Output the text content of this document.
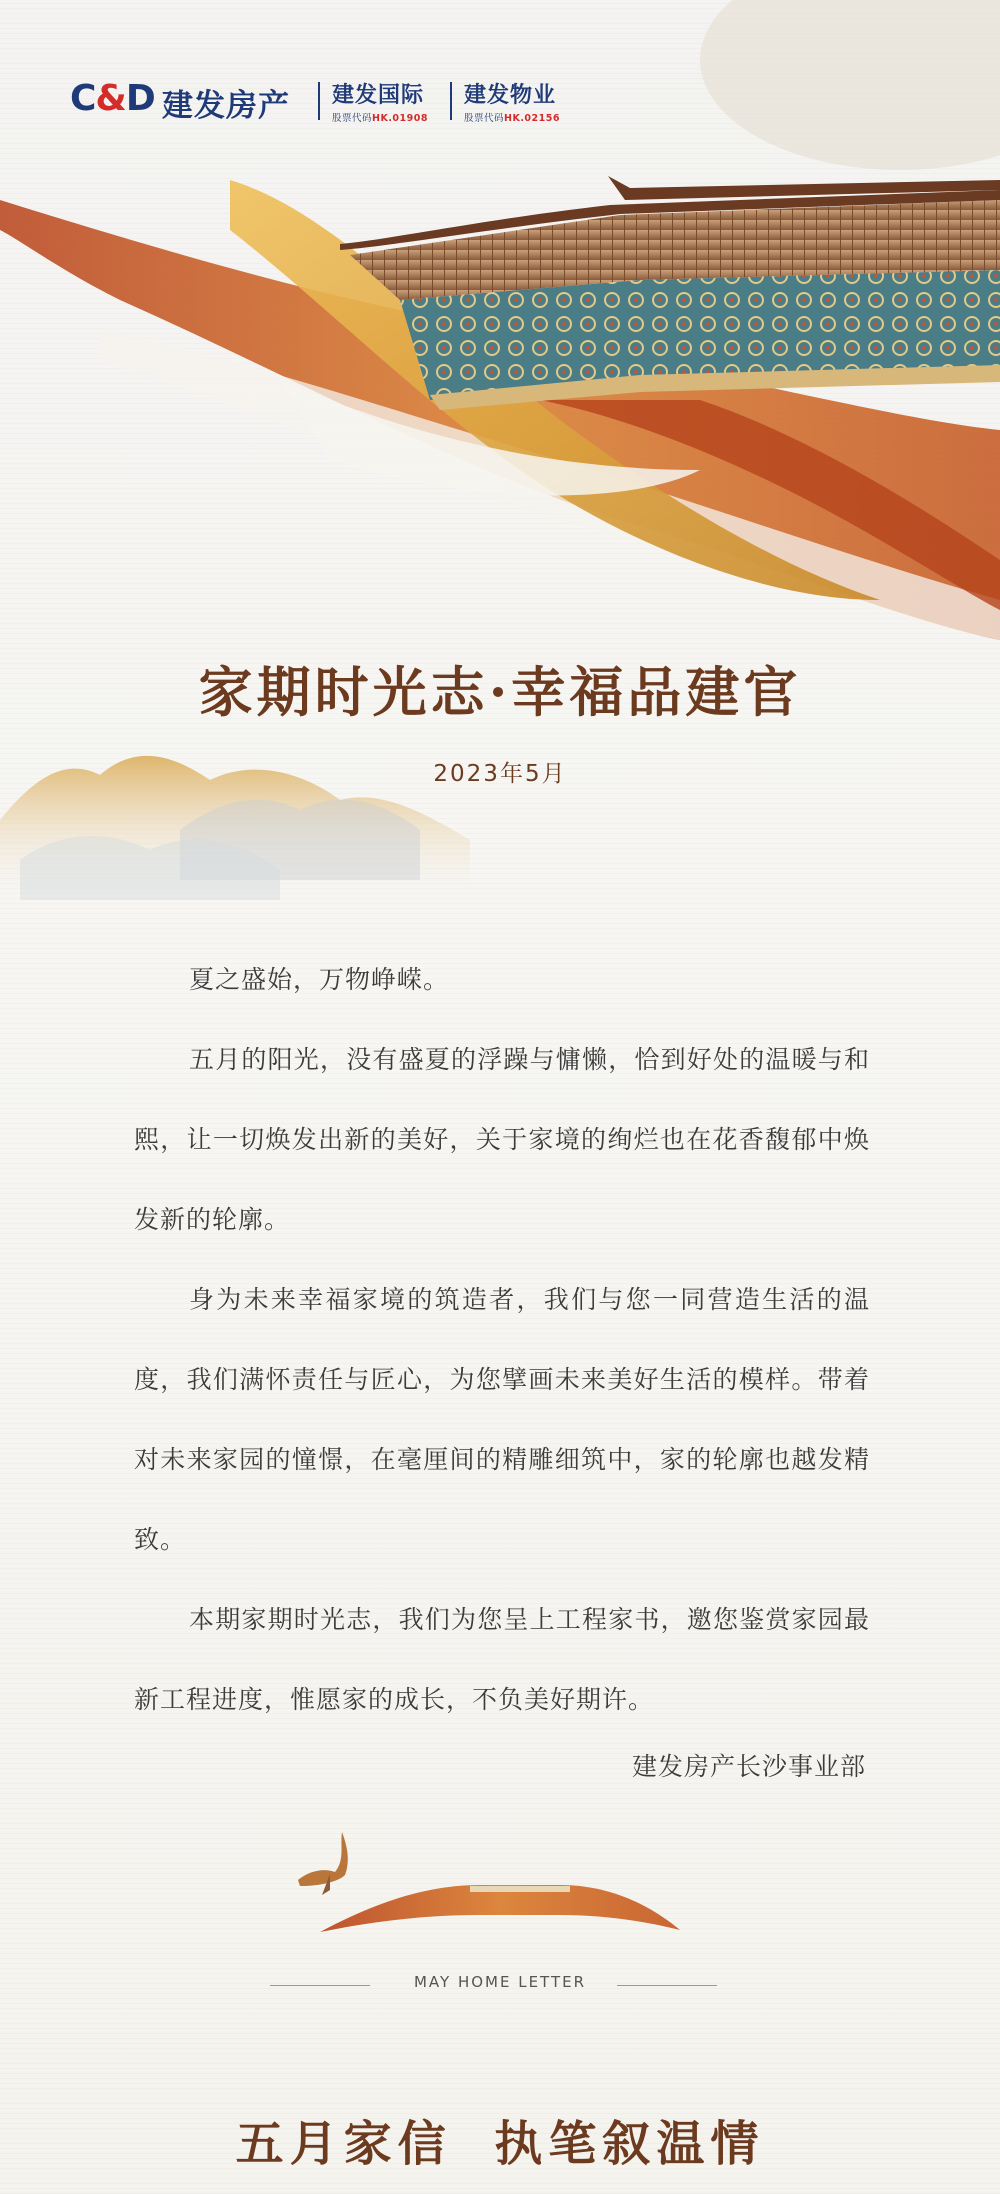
C&D 建发房产 建发国际
股票代码HK.01908
建发物业
股票代码HK.02156
家期时光志·幸福品建官
2023年5月

夏之盛始，万物峥嵘。

五月的阳光，没有盛夏的浮躁与慵懒，恰到好处的温暖与和熙，让一切焕发出新的美好，关于家境的绚烂也在花香馥郁中焕发新的轮廓。

身为未来幸福家境的筑造者，我们与您一同营造生活的温度，我们满怀责任与匠心，为您擘画未来美好生活的模样。带着对未来家园的憧憬，在毫厘间的精雕细筑中，家的轮廓也越发精致。

本期家期时光志，我们为您呈上工程家书，邀您鉴赏家园最新工程进度，惟愿家的成长，不负美好期许。

建发房产长沙事业部
MAY HOME LETTER
五月家信 执笔叙温情
